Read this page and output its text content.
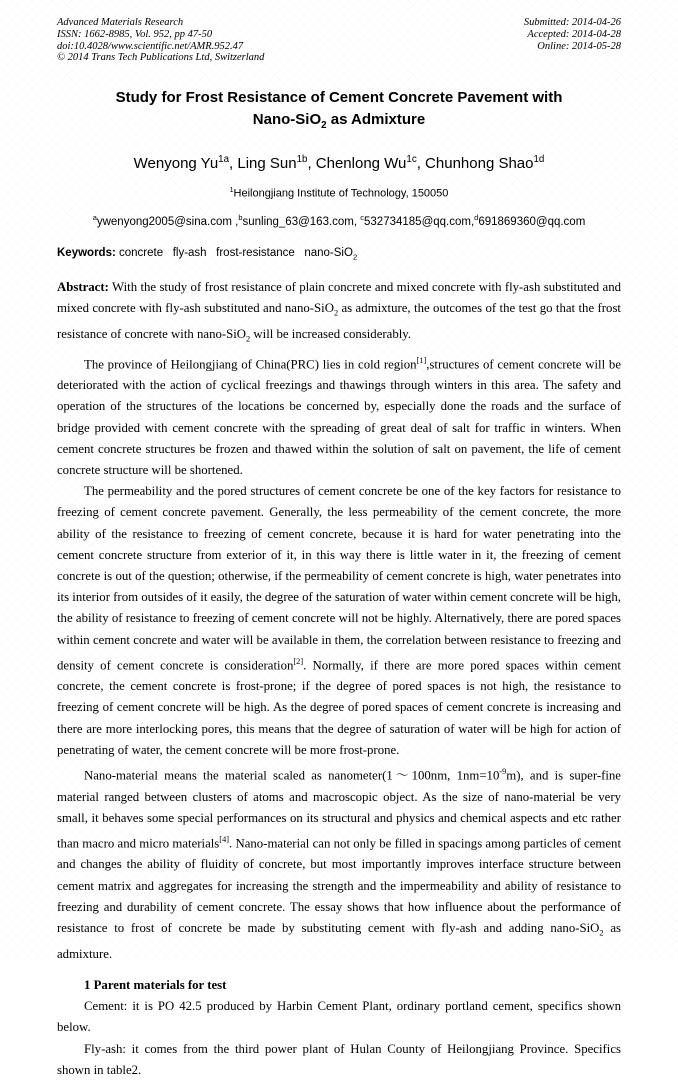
Advanced Materials Research
ISSN: 1662-8985, Vol. 952, pp 47-50
doi:10.4028/www.scientific.net/AMR.952.47
© 2014 Trans Tech Publications Ltd, Switzerland
Submitted: 2014-04-26
Accepted: 2014-04-28
Online: 2014-05-28
Study for Frost Resistance of Cement Concrete Pavement with
Nano-SiO$_2$ as Admixture
Wenyong $Yu^{1a}$, Ling Sun$^{1b}$, Chenlong $Wu^{1c}$, Chunhong Shao$^{1d}$
$^1$Heilongjiang Institute of Technology, 150050
$^a$ywenyong2005@sina.com ,$^b$sunling_63@163.com, $^c$532734185@qq.com,$^d$691869360@qq.com
Keywords: concrete   fly-ash   frost-resistance   nano-SiO$_2$
Abstract: With the study of frost resistance of plain concrete and mixed concrete with fly-ash substituted and mixed concrete with fly-ash substituted and nano-SiO$_2$ as admixture, the outcomes of the test go that the frost resistance of concrete with nano-SiO$_2$ will be increased considerably.

The province of Heilongjiang of China(PRC) lies in cold region[1],structures of cement concrete will be deteriorated with the action of cyclical freezings and thawings through winters in this area. The safety and operation of the structures of the locations be concerned by, especially done the roads and the surface of bridge provided with cement concrete with the spreading of great deal of salt for traffic in winters. When cement concrete structures be frozen and thawed within the solution of salt on pavement, the life of cement concrete structure will be shortened.

The permeability and the pored structures of cement concrete be one of the key factors for resistance to freezing of cement concrete pavement. Generally, the less permeability of the cement concrete, the more ability of the resistance to freezing of cement concrete, because it is hard for water penetrating into the cement concrete structure from exterior of it, in this way there is little water in it, the freezing of cement concrete is out of the question; otherwise, if the permeability of cement concrete is high, water penetrates into its interior from outsides of it easily, the degree of the saturation of water within cement concrete will be high, the ability of resistance to freezing of cement concrete will not be highly. Alternatively, there are pored spaces within cement concrete and water will be available in them, the correlation between resistance to freezing and density of cement concrete is consideration[2]. Normally, if there are more pored spaces within cement concrete, the cement concrete is frost-prone; if the degree of pored spaces is not high, the resistance to freezing of cement concrete will be high. As the degree of pored spaces of cement concrete is increasing and there are more interlocking pores, this means that the degree of saturation of water will be high for action of penetrating of water, the cement concrete will be more frost-prone.

Nano-material means the material scaled as nanometer(1～100nm, $1nm=10^{-9}m$), and is super-fine material ranged between clusters of atoms and macroscopic object. As the size of nano-material be very small, it behaves some special performances on its structural and physics and chemical aspects and etc rather than macro and micro materials[4]. Nano-material can not only be filled in spacings among particles of cement and changes the ability of fluidity of concrete, but most importantly improves interface structure between cement matrix and aggregates for increasing the strength and the impermeability and ability of resistance to freezing and durability of cement concrete. The essay shows that how influence about the performance of resistance to frost of concrete be made by substituting cement with fly-ash and adding nano-SiO$_2$ as admixture.

1 Parent materials for test

Cement: it is PO 42.5 produced by Harbin Cement Plant, ordinary portland cement, specifics shown below.

Fly-ash: it comes from the third power plant of Hulan County of Heilongjiang Province. Specifics shown in table2.
